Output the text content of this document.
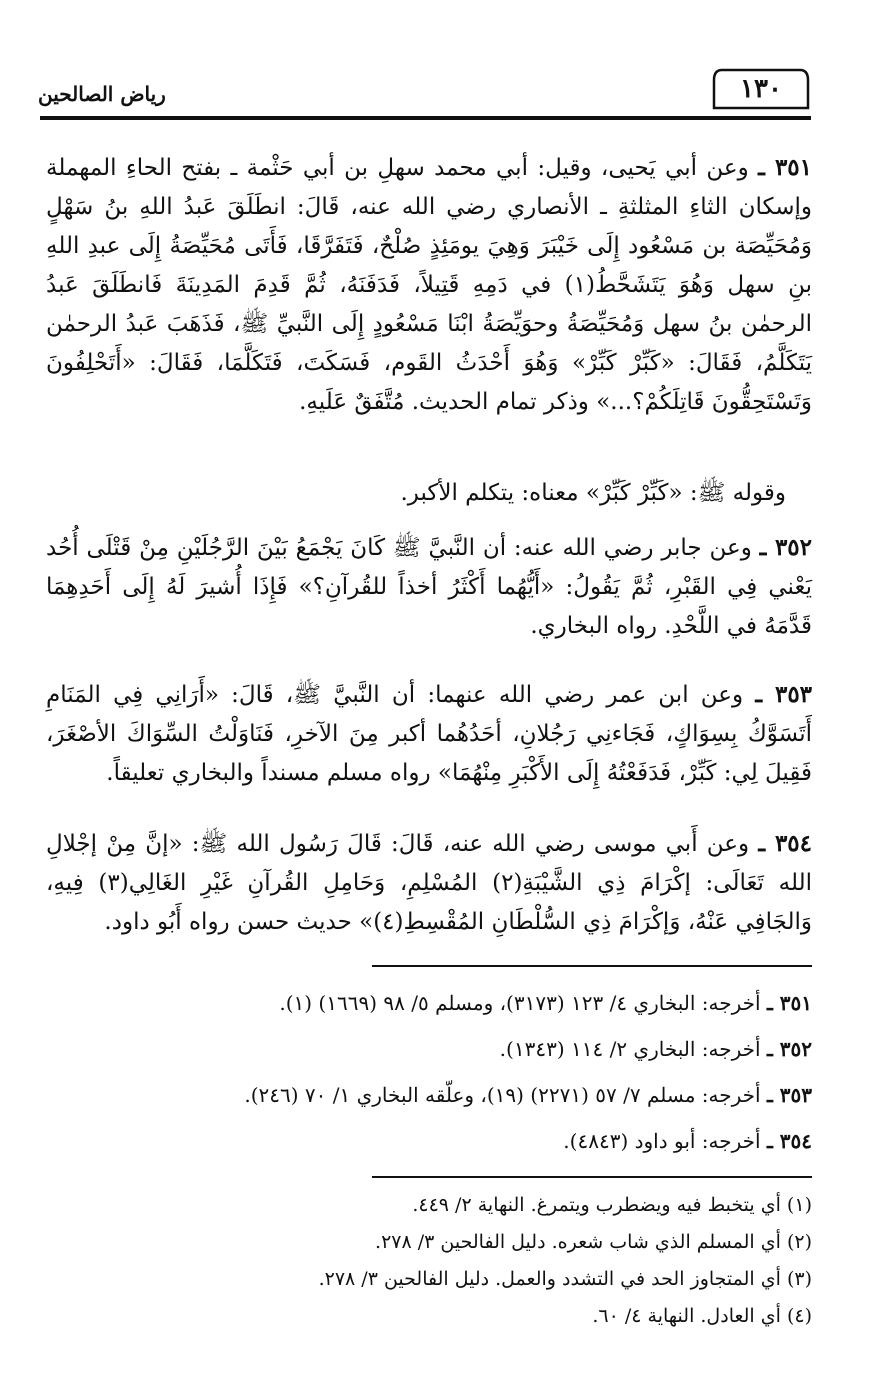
رياض الصالحين	١٣٠

٣٥١ ـ وعن أبي يَحيى، وقيل: أبي محمد سهلِ بن أبي حَثْمة ـ بفتح الحاءِ المهملة وإسكان الثاءِ المثلثةِ ـ الأنصاري رضي الله عنه، قَالَ: انطَلَقَ عَبدُ اللهِ بنُ سَهْلٍ وَمُحَيِّصَة بن مَسْعُود إِلَى خَيْبَرَ وَهِيَ يومَئِذٍ صُلْحٌ، فَتَفَرَّقَا، فَأَتَى مُحَيِّصَةُ إِلَى عبدِ اللهِ بنِ سهل وَهُوَ يَتَشَحَّطُ(١) في دَمِهِ قَتِيلاً، فَدَفَنَهُ، ثُمَّ قَدِمَ المَدِينَةَ فَانطَلَقَ عَبدُ الرحمٰن بنُ سهل وَمُحَيِّصَةُ وحوَيِّصَةُ ابْنَا مَسْعُودٍ إِلَى النَّبيِّ ﷺ، فَذَهَبَ عَبدُ الرحمٰن يَتَكَلَّمُ، فَقَالَ: «كَبِّرْ كَبِّرْ» وَهُوَ أَحْدَثُ القَوم، فَسَكَتَ، فَتَكَلَّمَا، فَقَالَ: «أَتَحْلِفُونَ وَتَسْتَحِقُّونَ قَاتِلَكُمْ؟...» وذكر تمام الحديث. مُتَّفَقٌ عَلَيهِ.

وقوله ﷺ: «كَبِّرْ كَبِّرْ» معناه: يتكلم الأكبر.

٣٥٢ ـ وعن جابر رضي الله عنه: أن النَّبيَّ ﷺ كَانَ يَجْمَعُ بَيْنَ الرَّجُلَيْنِ مِنْ قَتْلَى أُحُد يَعْني فِي القَبْرِ، ثُمَّ يَقُولُ: «أَيُّهُما أَكْثَرُ أخذاً للقُرآنِ؟» فَإِذَا أُشيرَ لَهُ إِلَى أَحَدِهِمَا قَدَّمَهُ في اللَّحْدِ. رواه البخاري.

٣٥٣ ـ وعن ابن عمر رضي الله عنهما: أن النَّبيَّ ﷺ، قَالَ: «أَرَانِي فِي المَنَامِ أَتَسَوَّكُ بِسِوَاكٍ، فَجَاءنِي رَجُلانِ، أحَدُهُما أكبر مِنَ الآخرِ، فَنَاوَلْتُ السِّوَاكَ الأصْغَرَ، فَقِيلَ لِي: كَبِّرْ، فَدَفَعْتُهُ إِلَى الأَكْبَرِ مِنْهُمَا» رواه مسلم مسنداً والبخاري تعليقاً.

٣٥٤ ـ وعن أَبي موسى رضي الله عنه، قَالَ: قَالَ رَسُول الله ﷺ: «إنَّ مِنْ إجْلالِ الله تَعَالَى: إكْرَامَ ذِي الشَّيْبَةِ(٢) المُسْلِمِ، وَحَامِلِ القُرآنِ غَيْرِ الغَالِي(٣) فِيهِ، وَالجَافِي عَنْهُ، وَإكْرَامَ ذِي السُّلْطَانِ المُقْسِطِ(٤)» حديث حسن رواه أَبُو داود.

٣٥١ ـ أخرجه: البخاري ٤/ ١٢٣ (٣١٧٣)، ومسلم ٥/ ٩٨ (١٦٦٩) (١).
٣٥٢ ـ أخرجه: البخاري ٢/ ١١٤ (١٣٤٣).
٣٥٣ ـ أخرجه: مسلم ٧/ ٥٧ (٢٢٧١) (١٩)، وعلّقه البخاري ١/ ٧٠ (٢٤٦).
٣٥٤ ـ أخرجه: أبو داود (٤٨٤٣).
(١) أي يتخبط فيه ويضطرب ويتمرغ. النهاية ٢/ ٤٤٩.
(٢) أي المسلم الذي شاب شعره. دليل الفالحين ٣/ ٢٧٨.
(٣) أي المتجاوز الحد في التشدد والعمل. دليل الفالحين ٣/ ٢٧٨.
(٤) أي العادل. النهاية ٤/ ٦٠.
